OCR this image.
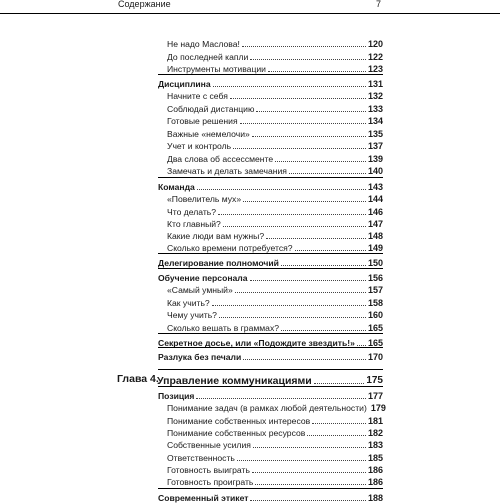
Содержание	7
Глава 4.
Не надо Маслова!	120
До последней капли	122
Инструменты мотивации	123
Дисциплина	131
Начните с себя	132
Соблюдай дистанцию	133
Готовые решения	134
Важные «немелочи»	135
Учет и контроль	137
Два слова об ассессменте	139
Замечать и делать замечания	140
Команда	143
«Повелитель мух»	144
Что делать?	146
Кто главный?	147
Какие люди вам нужны?	148
Сколько времени потребуется?	149
Делегирование полномочий	150
Обучение персонала	156
«Самый умный»	157
Как учить?	158
Чему учить?	160
Сколько вешать в граммах?	165
Секретное досье, или «Подождите звездить!» 165
Разлука без печали	170
Управление коммуникациями	175
Позиция	177
Понимание задач (в рамках любой деятельности) 179
Понимание собственных интересов	181
Понимание собственных ресурсов	182
Собственные усилия	183
Ответственность	185
Готовность выиграть	186
Готовность проиграть	186
Современный этикет	188
